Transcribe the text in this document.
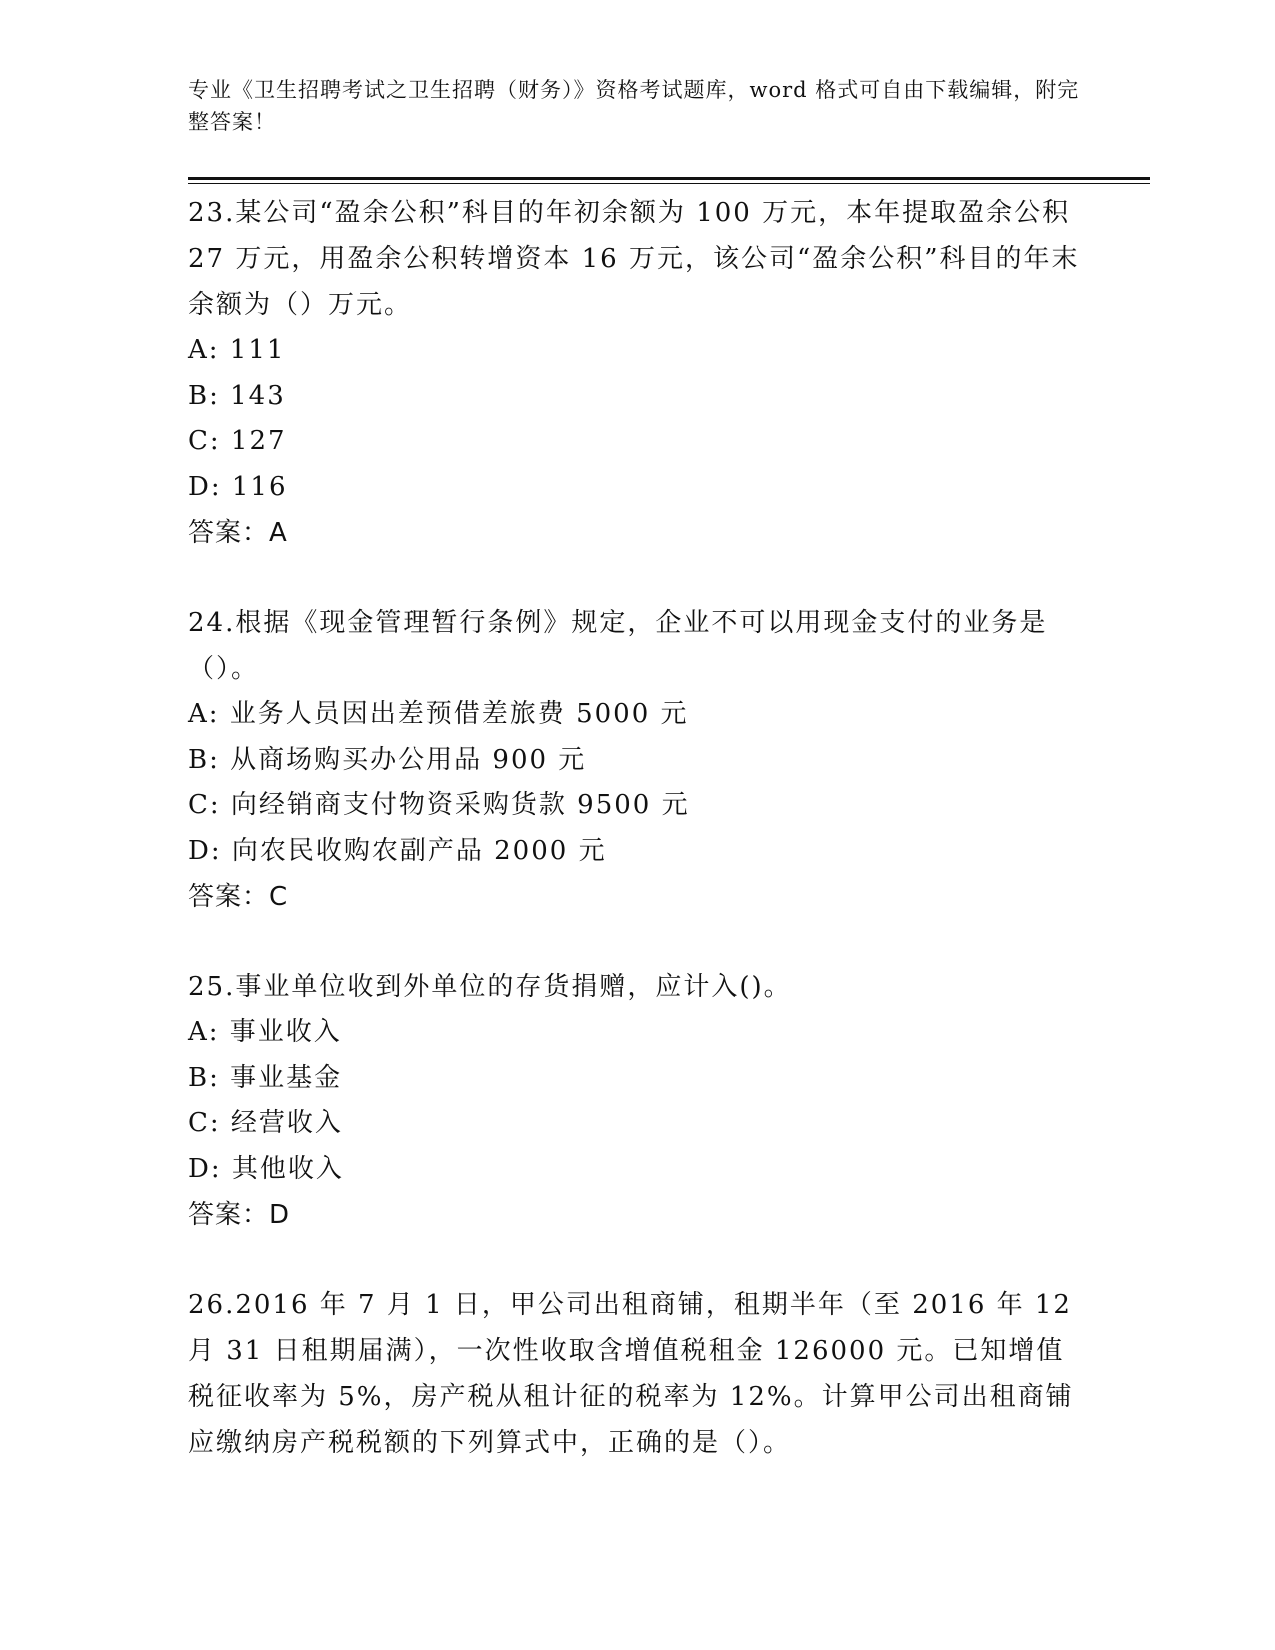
专业《卫生招聘考试之卫生招聘（财务）》资格考试题库，word 格式可自由下载编辑，附完整答案！
23.某公司“盈余公积”科目的年初余额为 100 万元，本年提取盈余公积 27 万元，用盈余公积转增资本 16 万元，该公司“盈余公积”科目的年末余额为（）万元。
A: 111
B: 143
C: 127
D: 116
答案：A
24.根据《现金管理暂行条例》规定，企业不可以用现金支付的业务是（）。
A: 业务人员因出差预借差旅费 5000 元
B: 从商场购买办公用品 900 元
C: 向经销商支付物资采购货款 9500 元
D: 向农民收购农副产品 2000 元
答案：C
25.事业单位收到外单位的存货捐赠，应计入()。
A: 事业收入
B: 事业基金
C: 经营收入
D: 其他收入
答案：D
26.2016 年 7 月 1 日，甲公司出租商铺，租期半年（至 2016 年 12 月 31 日租期届满），一次性收取含增值税租金 126000 元。已知增值税征收率为 5%，房产税从租计征的税率为 12%。计算甲公司出租商铺应缴纳房产税税额的下列算式中，正确的是（）。
